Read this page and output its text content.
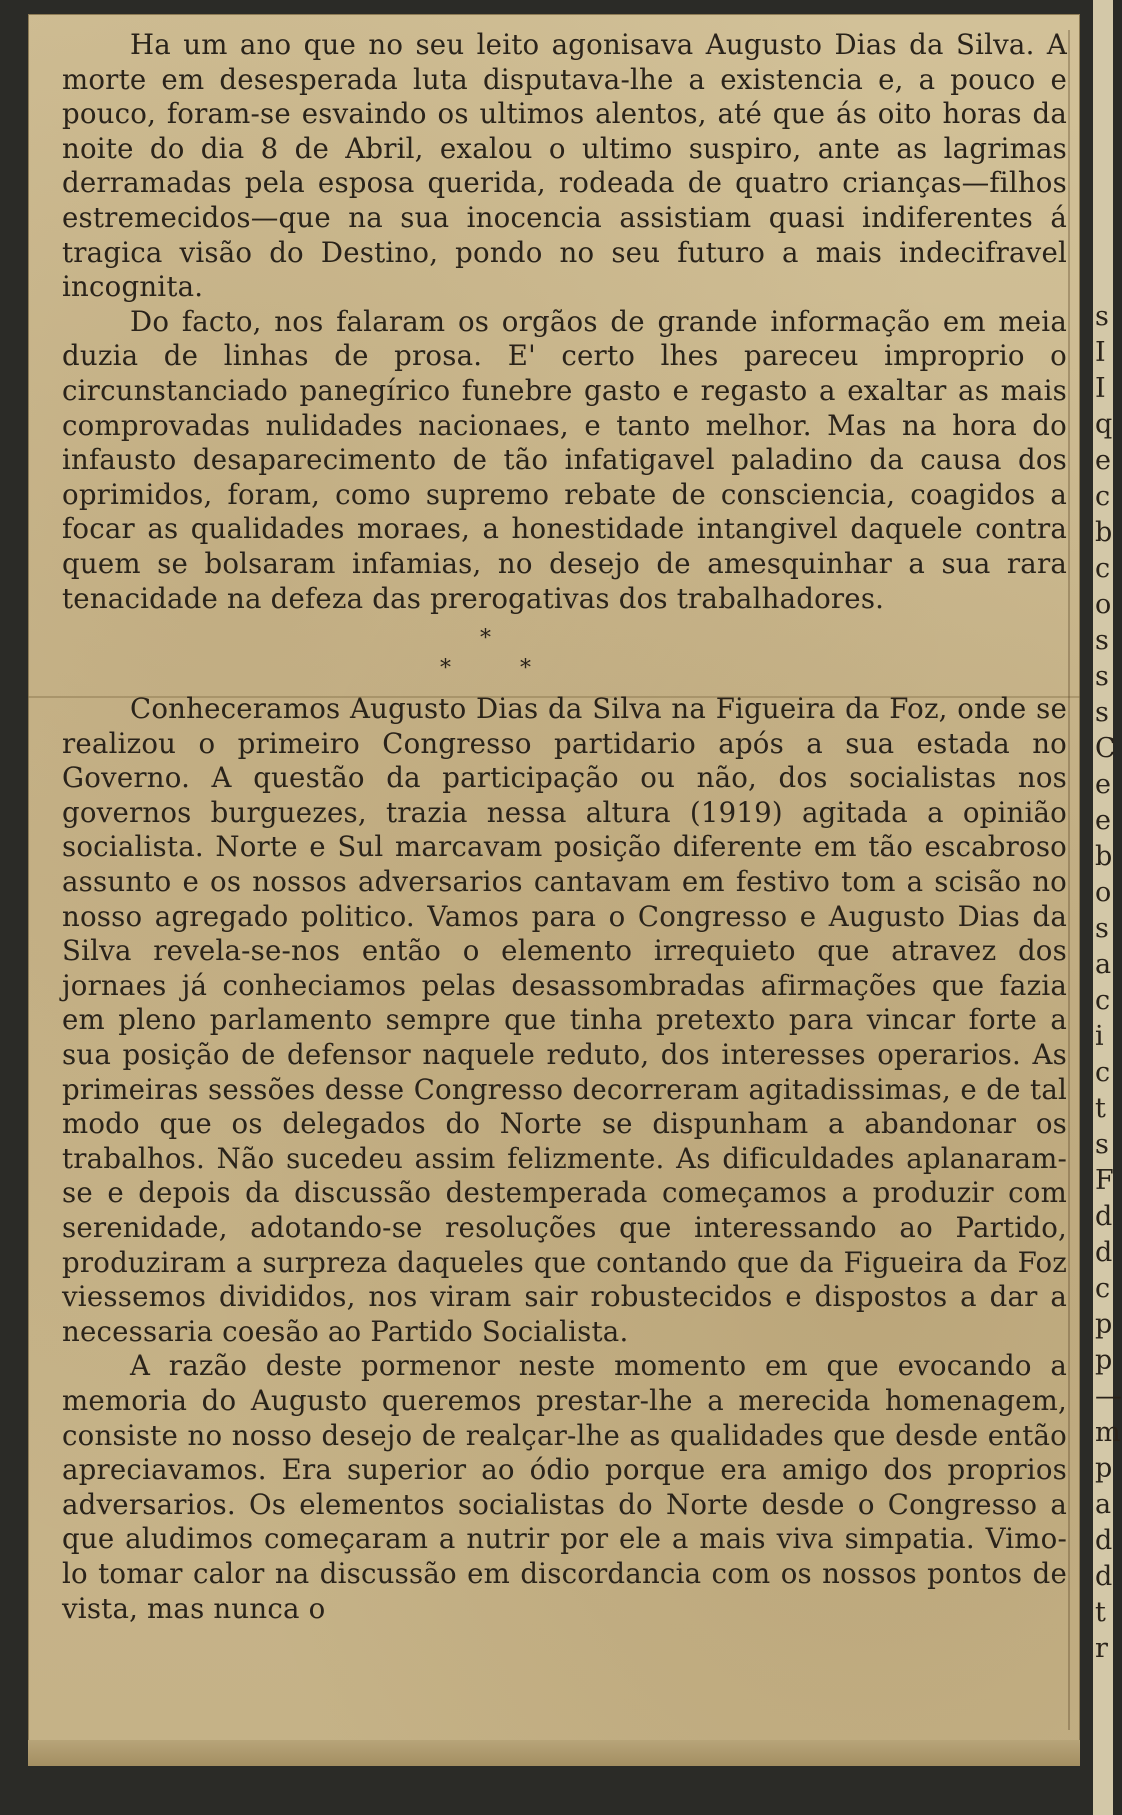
Ha um ano que no seu leito agonisava Augusto Dias da Silva. A morte em desesperada luta disputava-lhe a existencia e, a pouco e pouco, foram-se esvaindo os ultimos alentos, até que ás oito horas da noite do dia 8 de Abril, exalou o ultimo suspiro, ante as lagrimas derramadas pela esposa querida, rodeada de quatro crianças—filhos estremecidos—que na sua inocencia assistiam quasi indiferentes á tragica visão do Destino, pondo no seu futuro a mais indecifravel incognita.

Do facto, nos falaram os orgãos de grande informação em meia duzia de linhas de prosa. E' certo lhes pareceu improprio o circunstanciado panegírico funebre gasto e regasto a exaltar as mais comprovadas nulidades nacionaes, e tanto melhor. Mas na hora do infausto desaparecimento de tão infatigavel paladino da causa dos oprimidos, foram, como supremo rebate de consciencia, coagidos a focar as qualidades moraes, a honestidade intangivel daquele contra quem se bolsaram infamias, no desejo de amesquinhar a sua rara tenacidade na defeza das prerogativas dos trabalhadores.

*
*	*

Conheceramos Augusto Dias da Silva na Figueira da Foz, onde se realizou o primeiro Congresso partidario após a sua estada no Governo. A questão da participação ou não, dos socialistas nos governos burguezes, trazia nessa altura (1919) agitada a opinião socialista. Norte e Sul marcavam posição diferente em tão escabroso assunto e os nossos adversarios cantavam em festivo tom a scisão no nosso agregado politico. Vamos para o Congresso e Augusto Dias da Silva revela-se-nos então o elemento irrequieto que atravez dos jornaes já conheciamos pelas desassombradas afirmações que fazia em pleno parlamento sempre que tinha pretexto para vincar forte a sua posição de defensor naquele reduto, dos interesses operarios. As primeiras sessões desse Congresso decorreram agitadissimas, e de tal modo que os delegados do Norte se dispunham a abandonar os trabalhos. Não sucedeu assim felizmente. As dificuldades aplanaram-se e depois da discussão destemperada começamos a produzir com serenidade, adotando-se resoluções que interessando ao Partido, produziram a surpreza daqueles que contando que da Figueira da Foz viessemos divididos, nos viram sair robustecidos e dispostos a dar a necessaria coesão ao Partido Socialista.

A razão deste pormenor neste momento em que evocando a memoria do Augusto queremos prestar-lhe a merecida homenagem, consiste no nosso desejo de realçar-lhe as qualidades que desde então apreciavamos. Era superior ao ódio porque era amigo dos proprios adversarios. Os elementos socialistas do Norte desde o Congresso a que aludimos começaram a nutrir por ele a mais viva simpatia. Vimo-lo tomar calor na discussão em discordancia com os nossos pontos de vista, mas nunca o

s
I
I
q
e
c
b
c
o
s
s
s
C
e
e
b
o
s
a
c
i
c
t
s
F
d
d
c
p
p
—
m
p
a
d
d
t
r
